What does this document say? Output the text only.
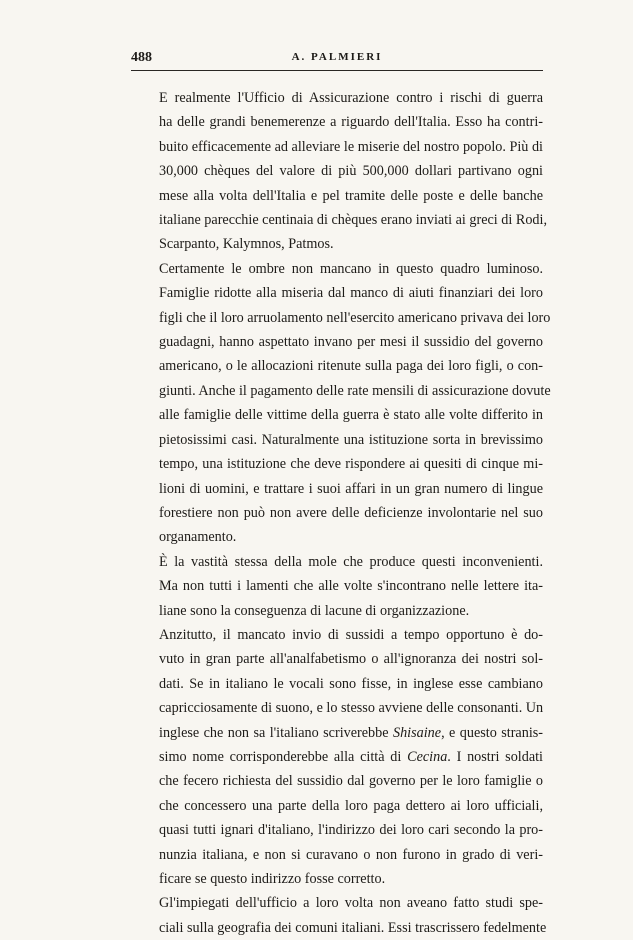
488	A. PALMIERI

E realmente l'Ufficio di Assicurazione contro i rischi di guerra
ha delle grandi benemerenze a riguardo dell'Italia. Esso ha contri-
buito efficacemente ad alleviare le miserie del nostro popolo. Più di
30,000 chèques del valore di più 500,000 dollari partivano ogni
mese alla volta dell'Italia e pel tramite delle poste e delle banche
italiane parecchie centinaia di chèques erano inviati ai greci di Rodi,
Scarpanto, Kalymnos, Patmos.

Certamente le ombre non mancano in questo quadro luminoso.
Famiglie ridotte alla miseria dal manco di aiuti finanziari dei loro
figli che il loro arruolamento nell'esercito americano privava dei loro
guadagni, hanno aspettato invano per mesi il sussidio del governo
americano, o le allocazioni ritenute sulla paga dei loro figli, o con-
giunti. Anche il pagamento delle rate mensili di assicurazione dovute
alle famiglie delle vittime della guerra è stato alle volte differito in
pietosissimi casi. Naturalmente una istituzione sorta in brevissimo
tempo, una istituzione che deve rispondere ai quesiti di cinque mi-
lioni di uomini, e trattare i suoi affari in un gran numero di lingue
forestiere non può non avere delle deficienze involontarie nel suo
organamento.

È la vastità stessa della mole che produce questi inconvenienti.
Ma non tutti i lamenti che alle volte s'incontrano nelle lettere ita-
liane sono la conseguenza di lacune di organizzazione.

Anzitutto, il mancato invio di sussidi a tempo opportuno è do-
vuto in gran parte all'analfabetismo o all'ignoranza dei nostri sol-
dati. Se in italiano le vocali sono fisse, in inglese esse cambiano
capricciosamente di suono, e lo stesso avviene delle consonanti. Un
inglese che non sa l'italiano scriverebbe Shisaine, e questo stranis-
simo nome corrisponderebbe alla città di Cecina. I nostri soldati
che fecero richiesta del sussidio dal governo per le loro famiglie o
che concessero una parte della loro paga dettero ai loro ufficiali,
quasi tutti ignari d'italiano, l'indirizzo dei loro cari secondo la pro-
nunzia italiana, e non si curavano o non furono in grado di veri-
ficare se questo indirizzo fosse corretto.

Gl'impiegati dell'ufficio a loro volta non aveano fatto studi spe-
ciali sulla geografia dei comuni italiani. Essi trascrissero fedelmente
